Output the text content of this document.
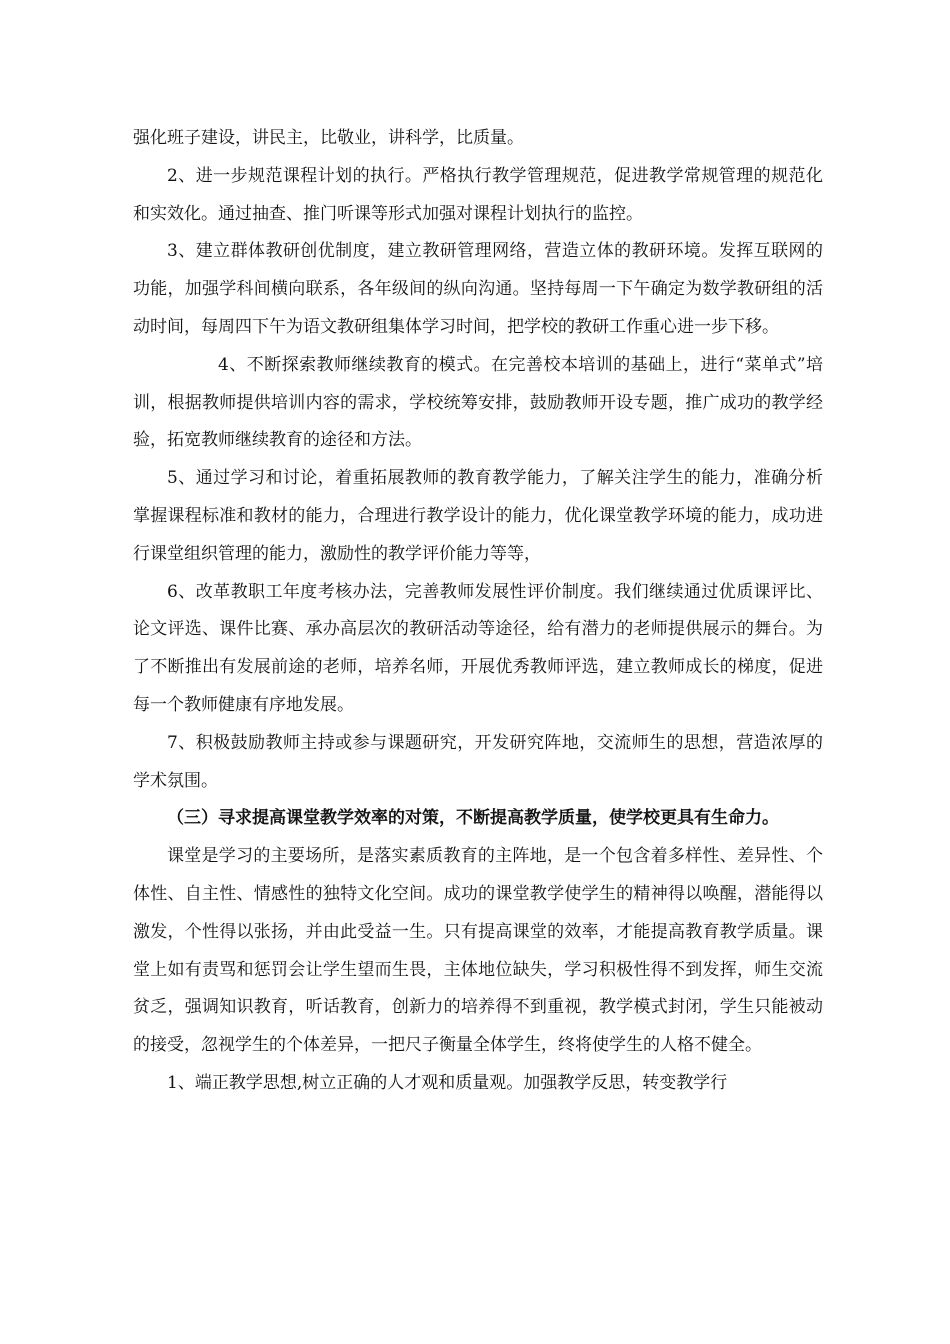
强化班子建设，讲民主，比敬业，讲科学，比质量。

2、进一步规范课程计划的执行。严格执行教学管理规范，促进教学常规管理的规范化和实效化。通过抽查、推门听课等形式加强对课程计划执行的监控。

3、建立群体教研创优制度，建立教研管理网络，营造立体的教研环境。发挥互联网的功能，加强学科间横向联系，各年级间的纵向沟通。坚持每周一下午确定为数学教研组的活动时间，每周四下午为语文教研组集体学习时间，把学校的教研工作重心进一步下移。

4、不断探索教师继续教育的模式。在完善校本培训的基础上，进行“菜单式”培训，根据教师提供培训内容的需求，学校统筹安排，鼓励教师开设专题，推广成功的教学经验，拓宽教师继续教育的途径和方法。

5、通过学习和讨论，着重拓展教师的教育教学能力，了解关注学生的能力，准确分析掌握课程标准和教材的能力，合理进行教学设计的能力，优化课堂教学环境的能力，成功进行课堂组织管理的能力，激励性的教学评价能力等等，

6、改革教职工年度考核办法，完善教师发展性评价制度。我们继续通过优质课评比、论文评选、课件比赛、承办高层次的教研活动等途径，给有潜力的老师提供展示的舞台。为了不断推出有发展前途的老师，培养名师，开展优秀教师评选，建立教师成长的梯度，促进每一个教师健康有序地发展。

7、积极鼓励教师主持或参与课题研究，开发研究阵地，交流师生的思想，营造浓厚的学术氛围。

（三）寻求提高课堂教学效率的对策，不断提高教学质量，使学校更具有生命力。

课堂是学习的主要场所，是落实素质教育的主阵地，是一个包含着多样性、差异性、个体性、自主性、情感性的独特文化空间。成功的课堂教学使学生的精神得以唤醒，潜能得以激发，个性得以张扬，并由此受益一生。只有提高课堂的效率，才能提高教育教学质量。课堂上如有责骂和惩罚会让学生望而生畏，主体地位缺失，学习积极性得不到发挥，师生交流贫乏，强调知识教育，听话教育，创新力的培养得不到重视，教学模式封闭，学生只能被动的接受，忽视学生的个体差异，一把尺子衡量全体学生，终将使学生的人格不健全。

1、端正教学思想,树立正确的人才观和质量观。加强教学反思，转变教学行
